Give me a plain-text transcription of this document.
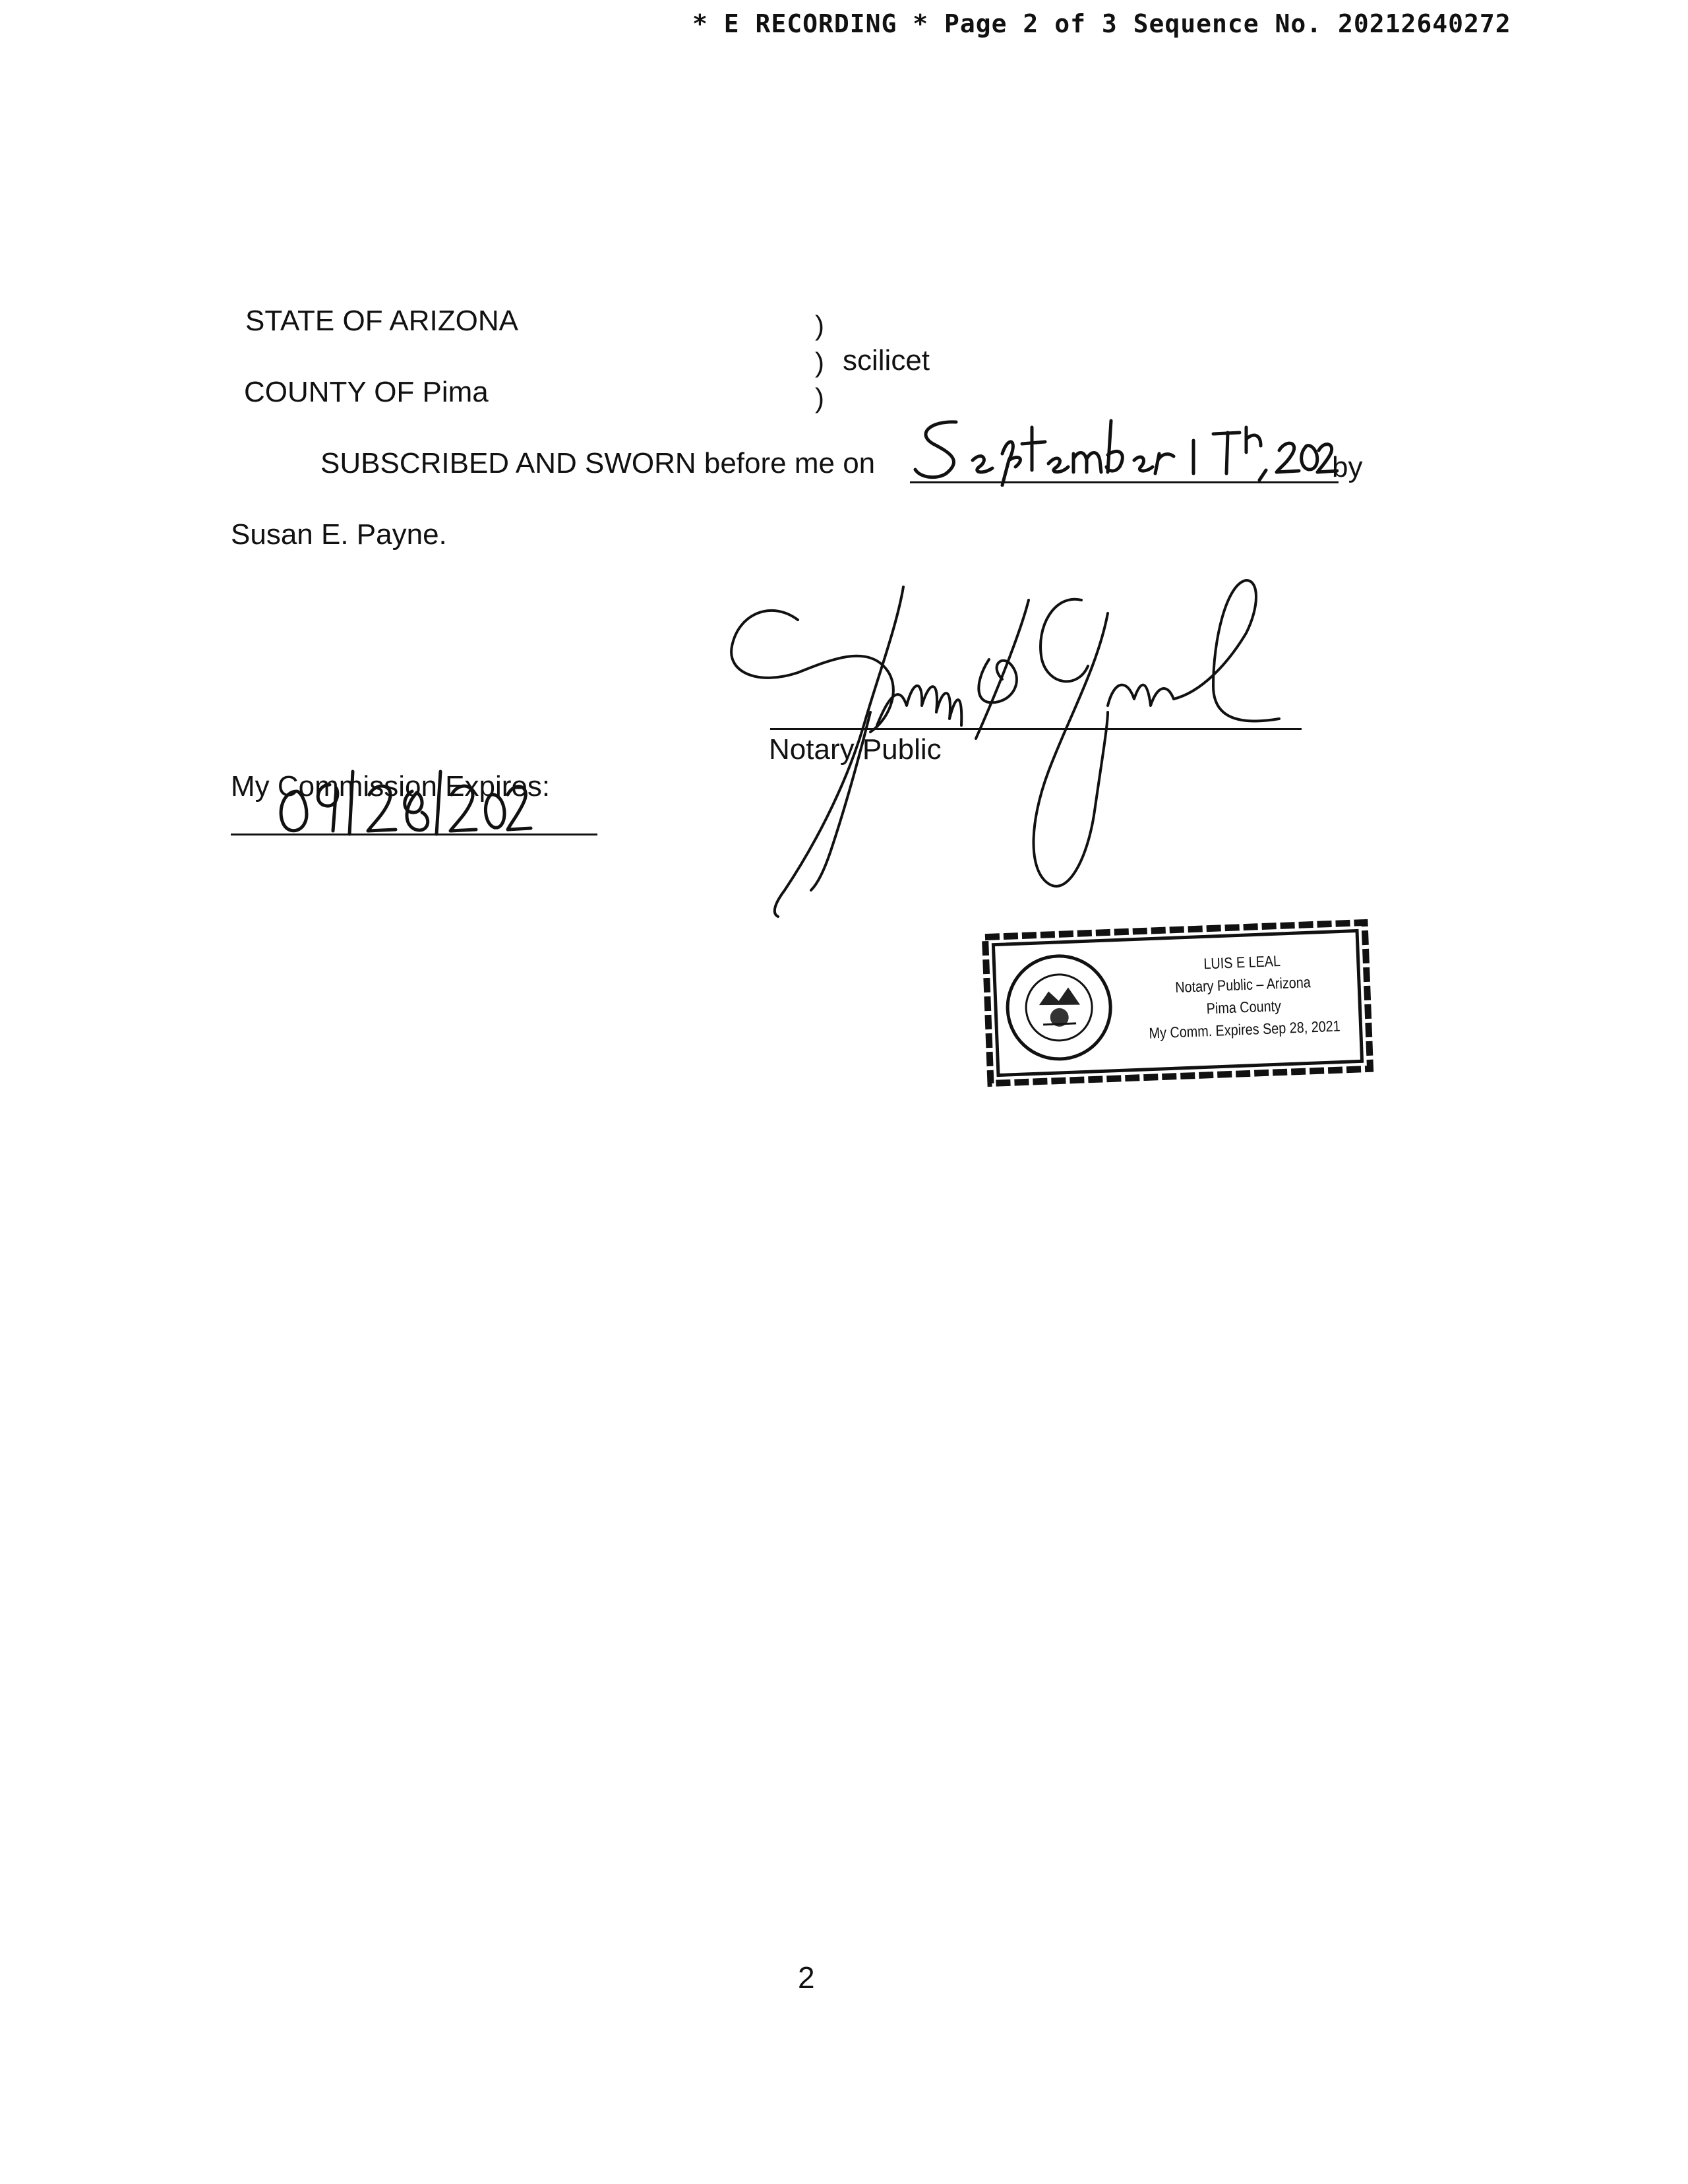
* E RECORDING * Page 2 of 3 Sequence No. 20212640272
STATE OF ARIZONA
COUNTY OF Pima
)
)
)
scilicet
SUBSCRIBED AND SWORN before me on	by
Susan E. Payne.
Notary Public
My Commission Expires:
LUIS E LEAL
Notary Public – Arizona
Pima County
My Comm. Expires Sep 28, 2021
2
